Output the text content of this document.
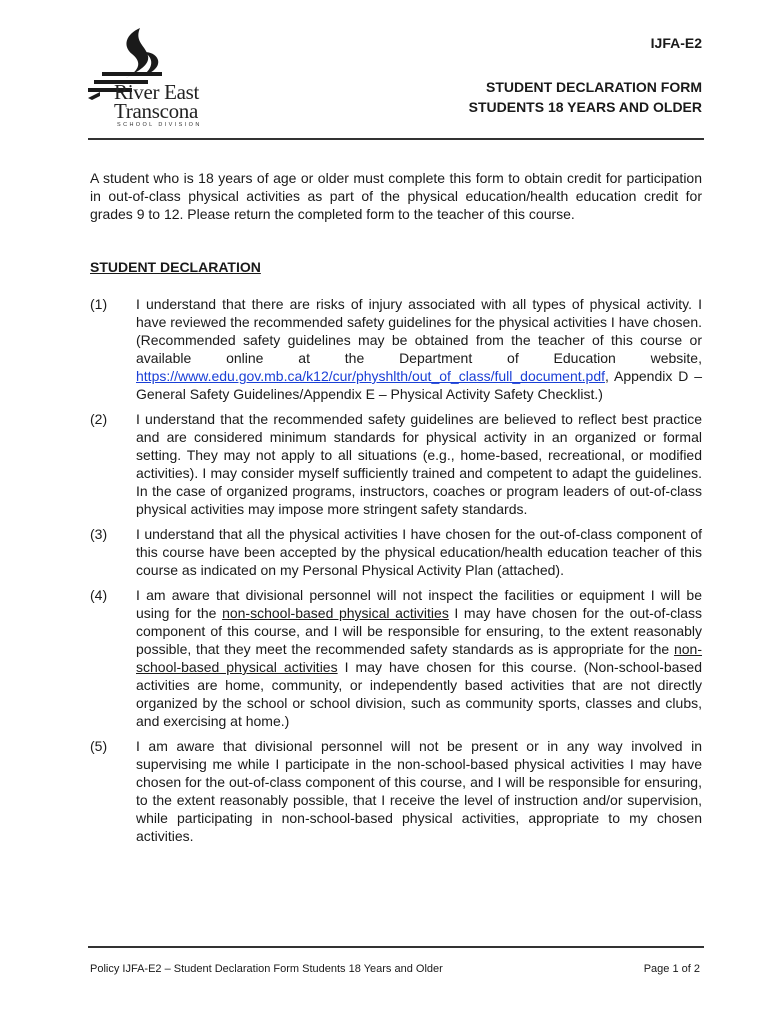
River East
Transcona
SCHOOL DIVISION
IJFA-E2
STUDENT DECLARATION FORM
STUDENTS 18 YEARS AND OLDER

A student who is 18 years of age or older must complete this form to obtain credit for participation in out-of-class physical activities as part of the physical education/health education credit for grades 9 to 12. Please return the completed form to the teacher of this course.

STUDENT DECLARATION
(1)	I understand that there are risks of injury associated with all types of physical activity. I have reviewed the recommended safety guidelines for the physical activities I have chosen. (Recommended safety guidelines may be obtained from the teacher of this course or available online at the Department of Education website, https://www.edu.gov.mb.ca/k12/cur/physhlth/out_of_class/full_document.pdf, Appendix D – General Safety Guidelines/Appendix E – Physical Activity Safety Checklist.)

(2)	I understand that the recommended safety guidelines are believed to reflect best practice and are considered minimum standards for physical activity in an organized or formal setting. They may not apply to all situations (e.g., home-based, recreational, or modified activities). I may consider myself sufficiently trained and competent to adapt the guidelines. In the case of organized programs, instructors, coaches or program leaders of out-of-class physical activities may impose more stringent safety standards.

(3)	I understand that all the physical activities I have chosen for the out-of-class component of this course have been accepted by the physical education/health education teacher of this course as indicated on my Personal Physical Activity Plan (attached).

(4)	I am aware that divisional personnel will not inspect the facilities or equipment I will be using for the non-school-based physical activities I may have chosen for the out-of-class component of this course, and I will be responsible for ensuring, to the extent reasonably possible, that they meet the recommended safety standards as is appropriate for the non-school-based physical activities I may have chosen for this course. (Non-school-based activities are home, community, or independently based activities that are not directly organized by the school or school division, such as community sports, classes and clubs, and exercising at home.)

(5)	I am aware that divisional personnel will not be present or in any way involved in supervising me while I participate in the non-school-based physical activities I may have chosen for the out-of-class component of this course, and I will be responsible for ensuring, to the extent reasonably possible, that I receive the level of instruction and/or supervision, while participating in non-school-based physical activities, appropriate to my chosen activities.

Policy IJFA-E2 – Student Declaration Form Students 18 Years and Older	Page 1 of 2
